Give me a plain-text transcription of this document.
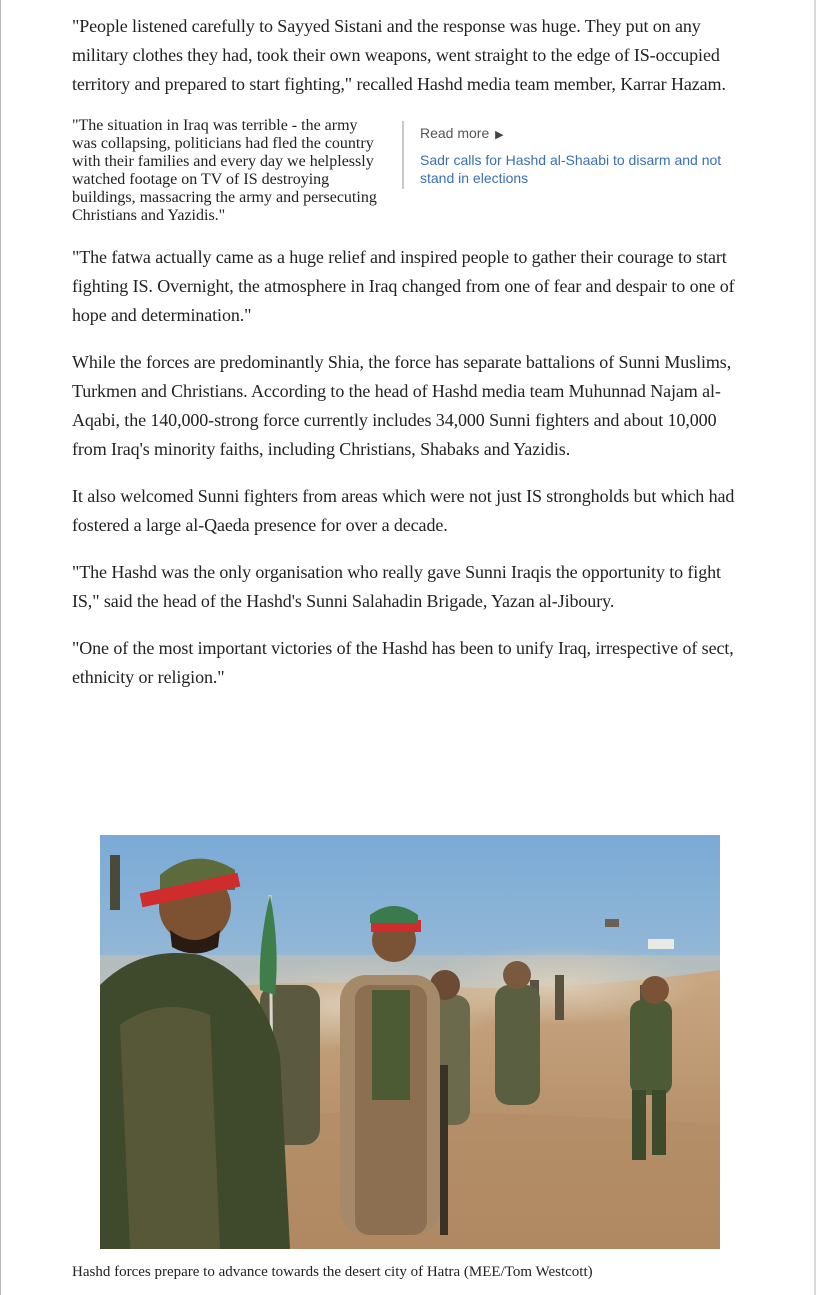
"People listened carefully to Sayyed Sistani and the response was huge. They put on any military clothes they had, took their own weapons, went straight to the edge of IS-occupied territory and prepared to start fighting," recalled Hashd media team member, Karrar Hazam.

Read more ▶
Sadr calls for Hashd al-Shaabi to disarm and not stand in elections
"The situation in Iraq was terrible - the army was collapsing, politicians had fled the country with their families and every day we helplessly watched footage on TV of IS destroying buildings, massacring the army and persecuting Christians and Yazidis."

"The fatwa actually came as a huge relief and inspired people to gather their courage to start fighting IS. Overnight, the atmosphere in Iraq changed from one of fear and despair to one of hope and determination."

While the forces are predominantly Shia, the force has separate battalions of Sunni Muslims, Turkmen and Christians. According to the head of Hashd media team Muhunnad Najam al-Aqabi, the 140,000-strong force currently includes 34,000 Sunni fighters and about 10,000 from Iraq's minority faiths, including Christians, Shabaks and Yazidis.

It also welcomed Sunni fighters from areas which were not just IS strongholds but which had fostered a large al-Qaeda presence for over a decade.

"The Hashd was the only organisation who really gave Sunni Iraqis the opportunity to fight IS," said the head of the Hashd's Sunni Salahadin Brigade, Yazan al-Jiboury.

"One of the most important victories of the Hashd has been to unify Iraq, irrespective of sect, ethnicity or religion."

Hashd forces prepare to advance towards the desert city of Hatra (MEE/Tom Westcott)
